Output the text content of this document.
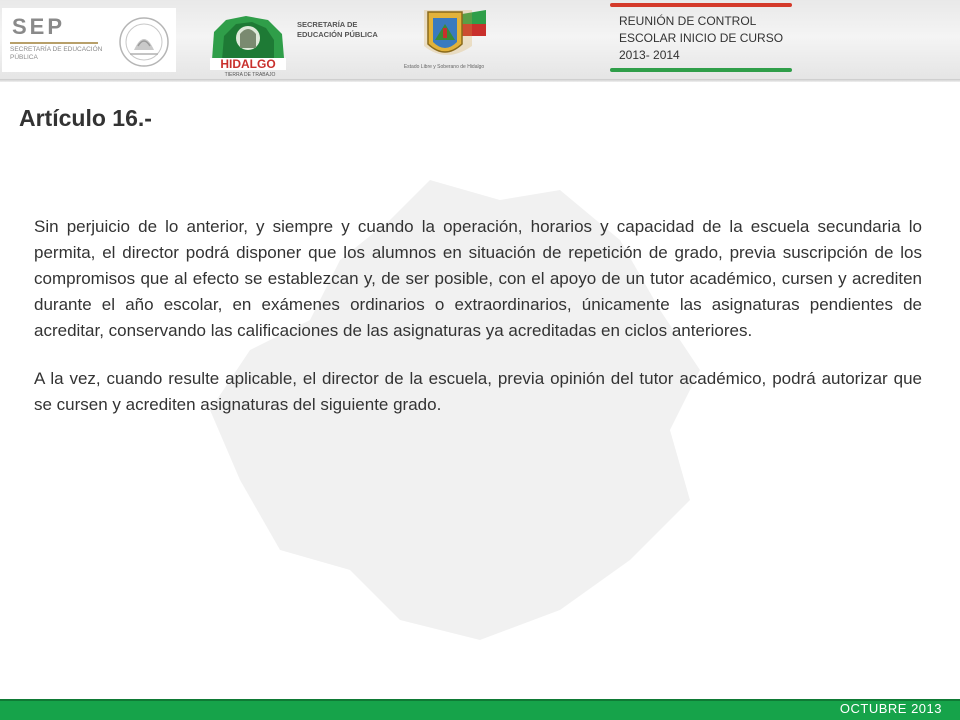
SEP
SECRETARÍA DE EDUCACIÓN PÚBLICA	HIDALGO
TIERRA DE TRABAJO
SECRETARÍA DE EDUCACIÓN PÚBLICA
Estado Libre y Soberano de Hidalgo
REUNIÓN DE CONTROL ESCOLAR INICIO DE CURSO 2013- 2014
Artículo 16.-

Sin perjuicio de lo anterior, y siempre y cuando la operación, horarios y capacidad de la escuela secundaria lo permita, el director podrá disponer que los alumnos en situación de repetición de grado, previa suscripción de los compromisos que al efecto se establezcan y, de ser posible, con el apoyo de un tutor académico, cursen y acrediten durante el año escolar, en exámenes ordinarios o extraordinarios, únicamente las asignaturas pendientes de acreditar, conservando las calificaciones de las asignaturas ya acreditadas en ciclos anteriores.

A la vez, cuando resulte aplicable, el director de la escuela, previa opinión del tutor académico, podrá autorizar que se cursen y acrediten asignaturas del siguiente grado.

OCTUBRE 2013
